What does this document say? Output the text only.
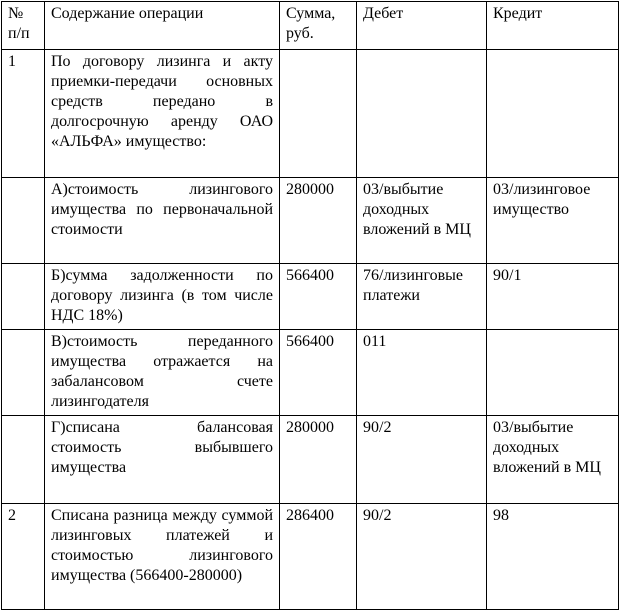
№ п/п	Содержание операции	Сумма, руб.	Дебет	Кредит
1	По договору лизинга и акту приемки-передачи основных средств передано в долгосрочную аренду ОАО «АЛЬФА» имущество:			
	А)стоимость лизингового имущества по первоначальной стоимости	280000	03/выбытие доходных вложений в МЦ	03/лизинговое имущество
	Б)сумма задолженности по договору лизинга (в том числе НДС 18%)	566400	76/лизинговые платежи	90/1
	В)стоимость переданного имущества отражается на забалансовом счете лизингодателя	566400	011	
	Г)списана балансовая стоимость выбывшего имущества	280000	90/2	03/выбытие доходных вложений в МЦ
2	Списана разница между суммой лизинговых платежей и стоимостью лизингового имущества (566400-280000)	286400	90/2	98
